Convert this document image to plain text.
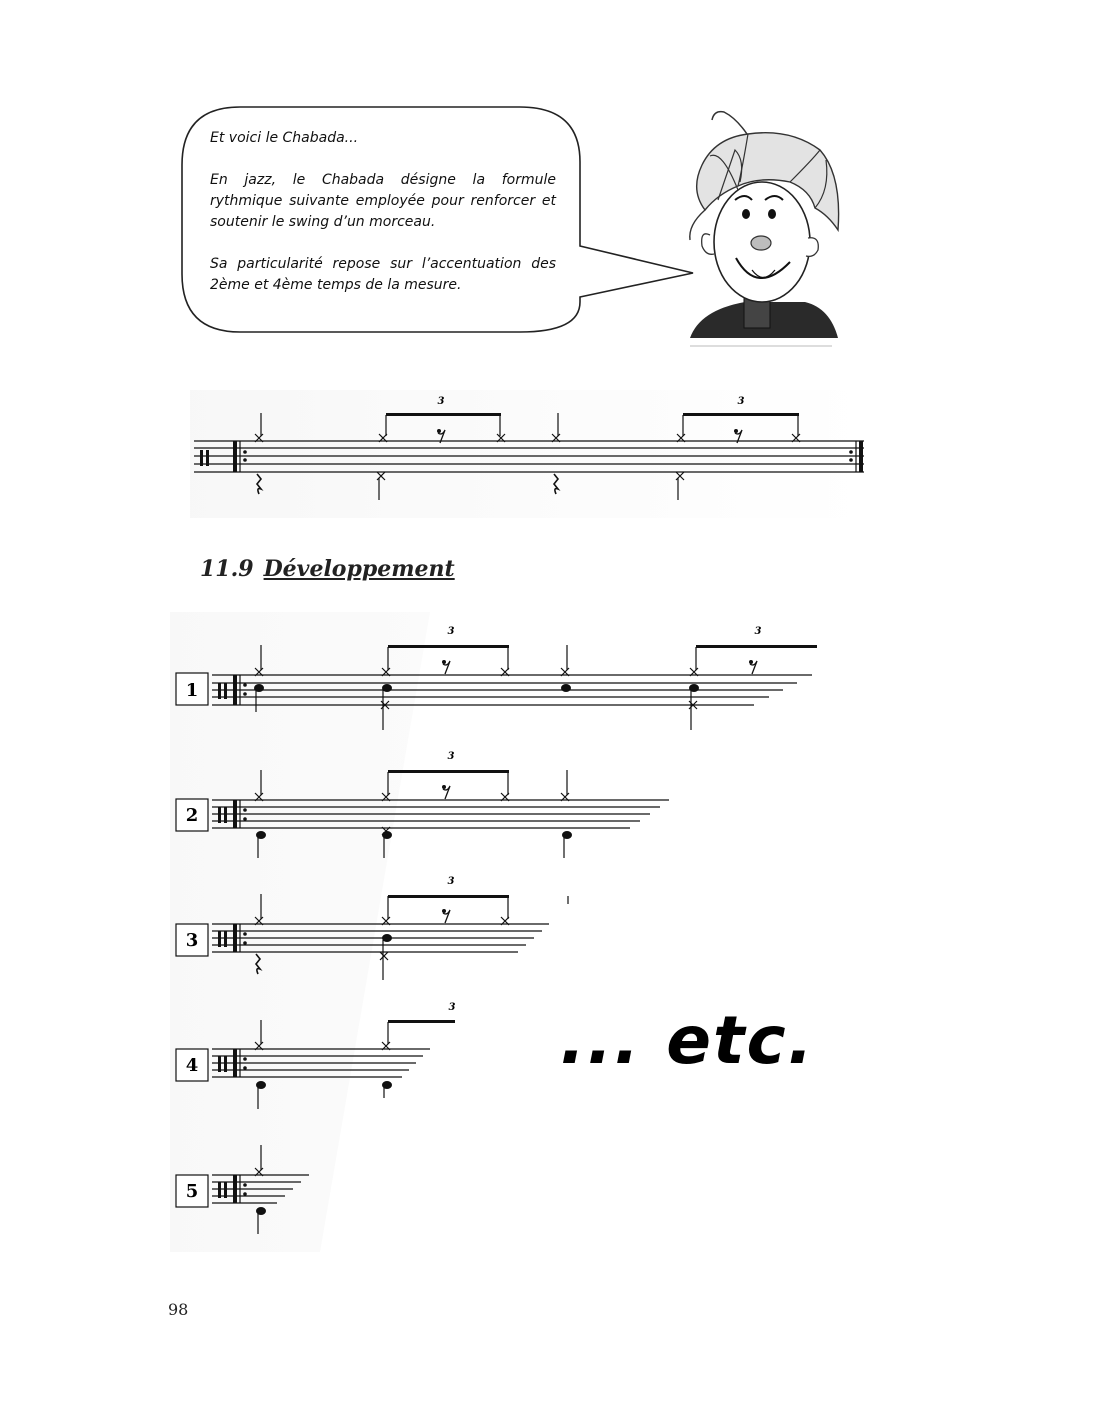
3	3
1
3	3
2
3
3
3
4
3
5

Et voici le Chabada...

En jazz, le Chabada désigne la formule rythmique suivante employée pour renforcer et soutenir le swing d’un morceau.

Sa particularité repose sur l’accentuation des 2ème et 4ème temps de la mesure.

11.9 Développement
... etc.
98
